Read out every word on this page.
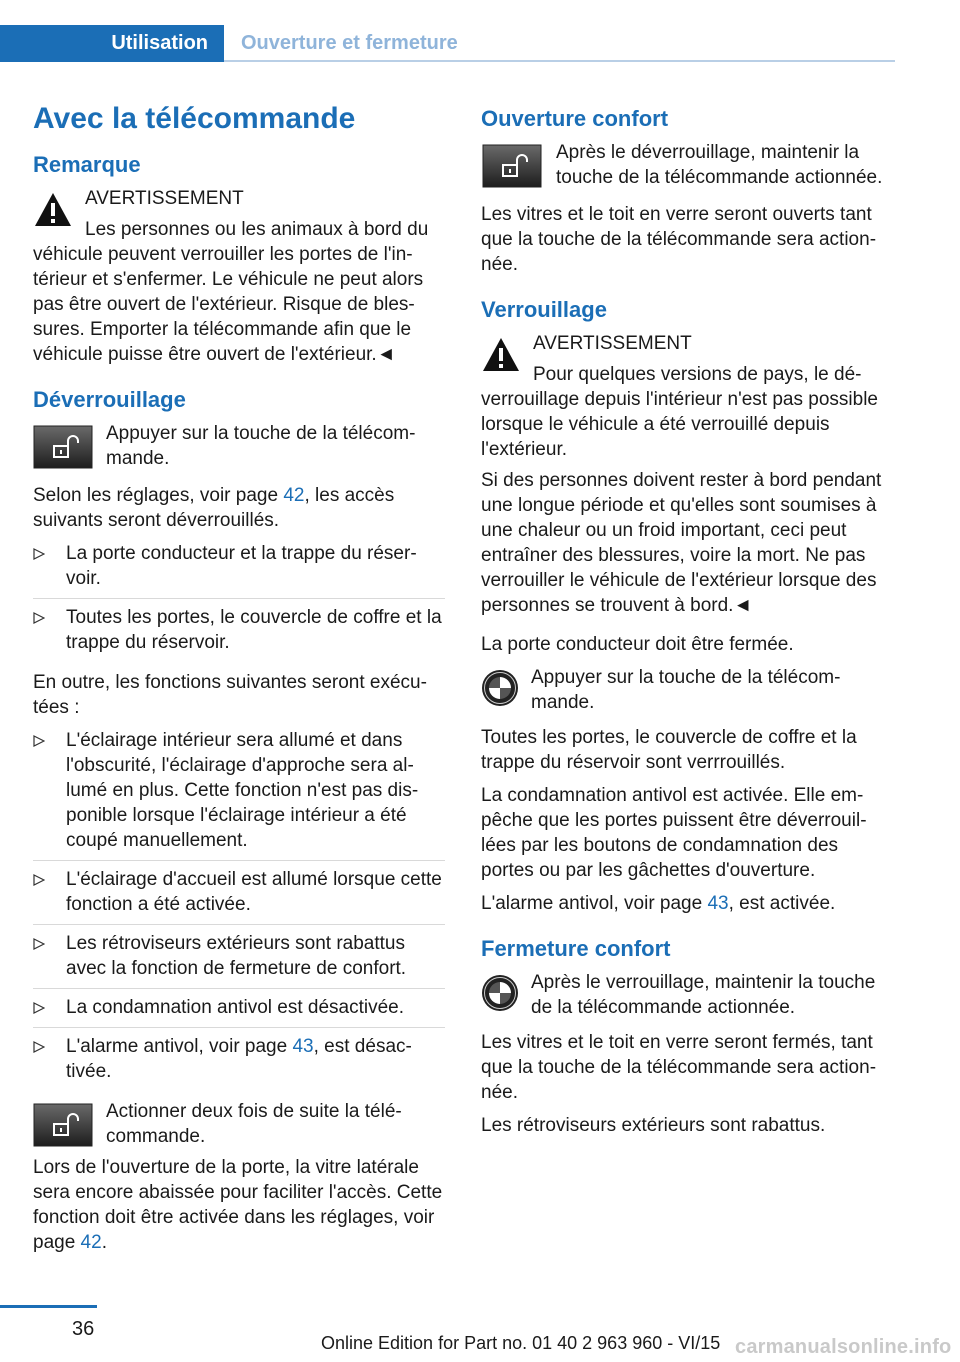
Utilisation	Ouverture et fermeture
Avec la télécommande
Remarque
AVERTISSEMENT
Les personnes ou les animaux à bord du véhicule peuvent verrouiller les portes de l'intérieur et s'enfermer. Le véhicule ne peut alors pas être ouvert de l'extérieur. Risque de blessures. Emporter la télécommande afin que le véhicule puisse être ouvert de l'extérieur.◄
Déverrouillage
Appuyer sur la touche de la télécommande.

Selon les réglages, voir page 42, les accès suivants seront déverrouillés.

La porte conducteur et la trappe du réservoir.
Toutes les portes, le couvercle de coffre et la trappe du réservoir.

En outre, les fonctions suivantes seront exécutées :

L'éclairage intérieur sera allumé et dans l'obscurité, l'éclairage d'approche sera allumé en plus. Cette fonction n'est pas disponible lorsque l'éclairage intérieur a été coupé manuellement.
L'éclairage d'accueil est allumé lorsque cette fonction a été activée.
Les rétroviseurs extérieurs sont rabattus avec la fonction de fermeture de confort.
La condamnation antivol est désactivée.
L'alarme antivol, voir page 43, est désactivée.
Actionner deux fois de suite la télécommande.

Lors de l'ouverture de la porte, la vitre latérale sera encore abaissée pour faciliter l'accès. Cette fonction doit être activée dans les réglages, voir page 42.

Ouverture confort
Après le déverrouillage, maintenir la touche de la télécommande actionnée.

Les vitres et le toit en verre seront ouverts tant que la touche de la télécommande sera actionnée.

Verrouillage
AVERTISSEMENT
Pour quelques versions de pays, le déverrouillage depuis l'intérieur n'est pas possible lorsque le véhicule a été verrouillé depuis l'extérieur.

Si des personnes doivent rester à bord pendant une longue période et qu'elles sont soumises à une chaleur ou un froid important, ceci peut entraîner des blessures, voire la mort. Ne pas verrouiller le véhicule de l'extérieur lorsque des personnes se trouvent à bord.◄

La porte conducteur doit être fermée.

Appuyer sur la touche de la télécommande.

Toutes les portes, le couvercle de coffre et la trappe du réservoir sont verrrouillés.

La condamnation antivol est activée. Elle empêche que les portes puissent être déverrouillées par les boutons de condamnation des portes ou par les gâchettes d'ouverture.

L'alarme antivol, voir page 43, est activée.

Fermeture confort
Après le verrouillage, maintenir la touche de la télécommande actionnée.

Les vitres et le toit en verre seront fermés, tant que la touche de la télécommande sera actionnée.

Les rétroviseurs extérieurs sont rabattus.

36
Online Edition for Part no. 01 40 2 963 960 - VI/15 carmanualsonline.info
